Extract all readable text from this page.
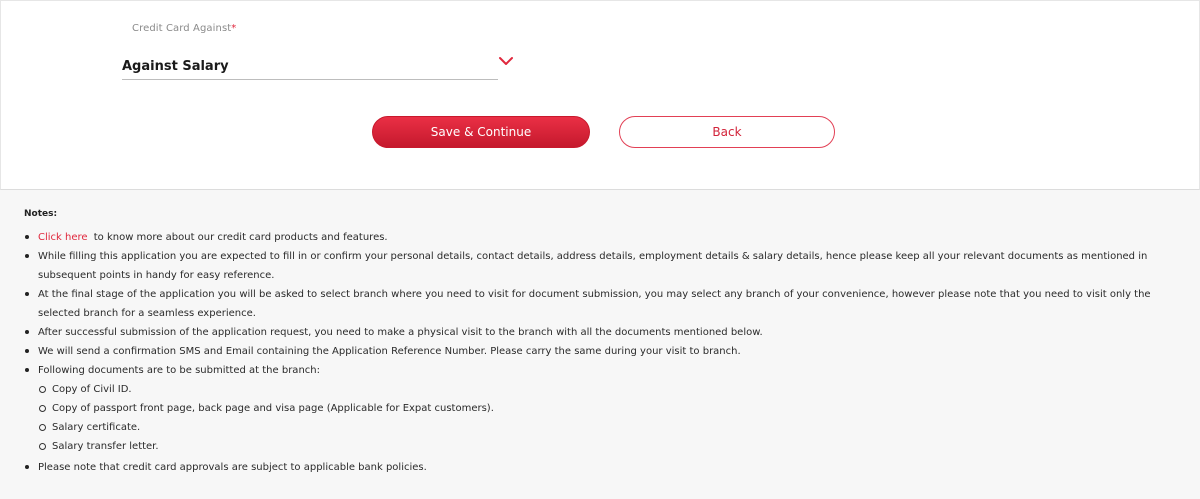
Credit Card Against*
Against Salary
Save & Continue	Back
Notes:
Click here to know more about our credit card products and features.
While filling this application you are expected to fill in or confirm your personal details, contact details, address details, employment details & salary details, hence please keep all your relevant documents as mentioned in subsequent points in handy for easy reference.
At the final stage of the application you will be asked to select branch where you need to visit for document submission, you may select any branch of your convenience, however please note that you need to visit only the selected branch for a seamless experience.
After successful submission of the application request, you need to make a physical visit to the branch with all the documents mentioned below.
We will send a confirmation SMS and Email containing the Application Reference Number. Please carry the same during your visit to branch.
Following documents are to be submitted at the branch:
Copy of Civil ID.
Copy of passport front page, back page and visa page (Applicable for Expat customers).
Salary certificate.
Salary transfer letter.
Please note that credit card approvals are subject to applicable bank policies.
